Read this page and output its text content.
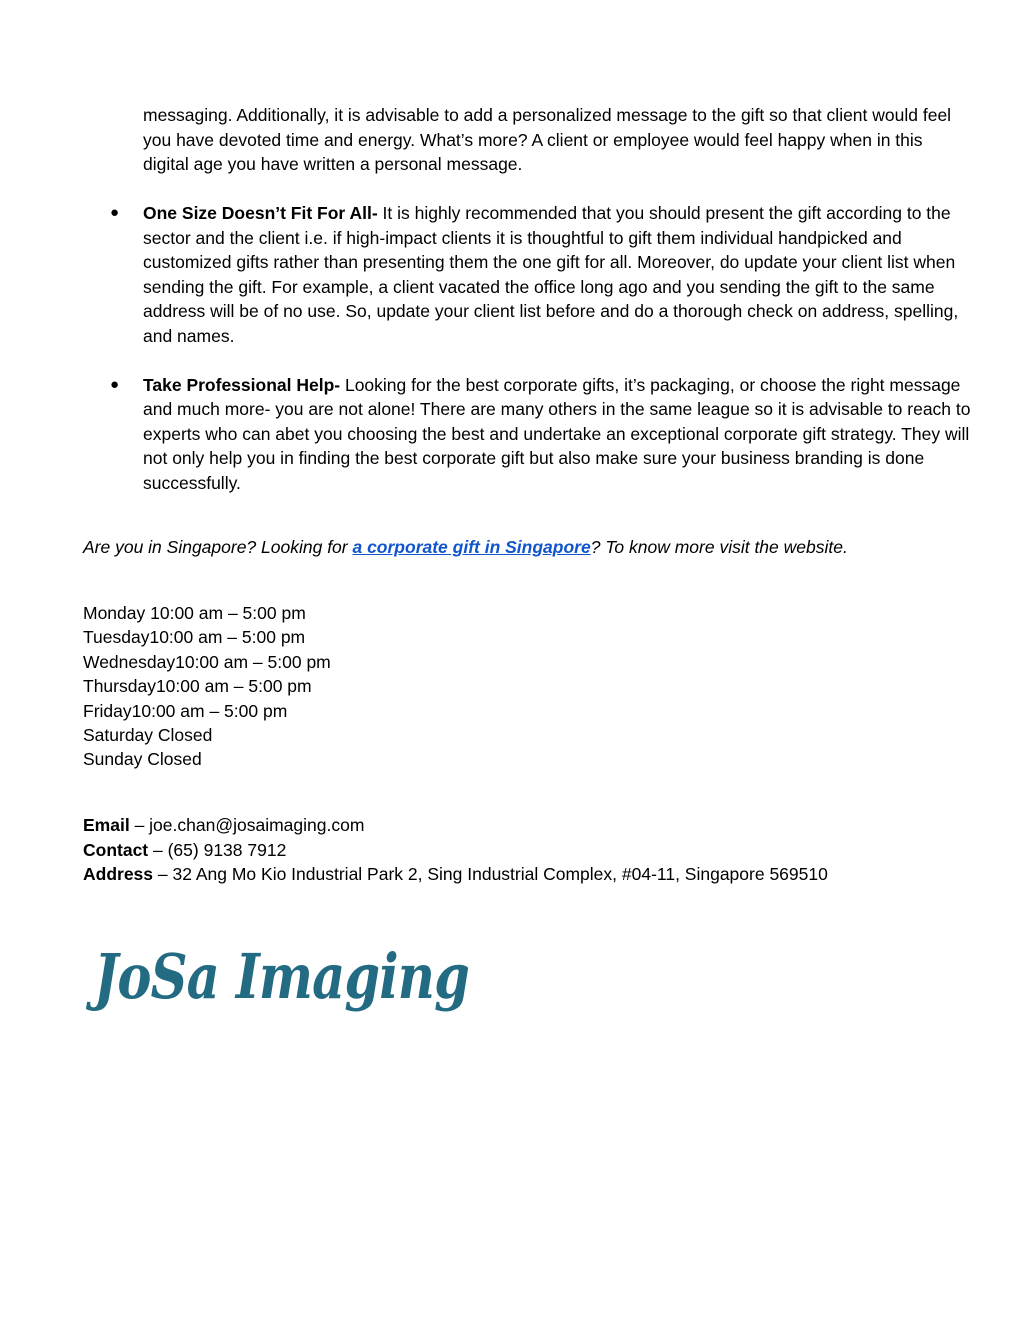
messaging. Additionally, it is advisable to add a personalized message to the gift so that client would feel you have devoted time and energy. What’s more? A client or employee would feel happy when in this digital age you have written a personal message.

● One Size Doesn’t Fit For All- It is highly recommended that you should present the gift according to the sector and the client i.e. if high-impact clients it is thoughtful to gift them individual handpicked and customized gifts rather than presenting them the one gift for all. Moreover, do update your client list when sending the gift. For example, a client vacated the office long ago and you sending the gift to the same address will be of no use. So, update your client list before and do a thorough check on address, spelling, and names.
● Take Professional Help- Looking for the best corporate gifts, it’s packaging, or choose the right message and much more- you are not alone! There are many others in the same league so it is advisable to reach to experts who can abet you choosing the best and undertake an exceptional corporate gift strategy. They will not only help you in finding the best corporate gift but also make sure your business branding is done successfully.

Are you in Singapore? Looking for a corporate gift in Singapore? To know more visit the website.

Monday 10:00 am – 5:00 pm
Tuesday10:00 am – 5:00 pm
Wednesday10:00 am – 5:00 pm
Thursday10:00 am – 5:00 pm
Friday10:00 am – 5:00 pm
Saturday Closed
Sunday Closed
Email – joe.chan@josaimaging.com
Contact – (65) 9138 7912
Address – 32 Ang Mo Kio Industrial Park 2, Sing Industrial Complex, #04-11, Singapore 569510
JoSa Imaging
